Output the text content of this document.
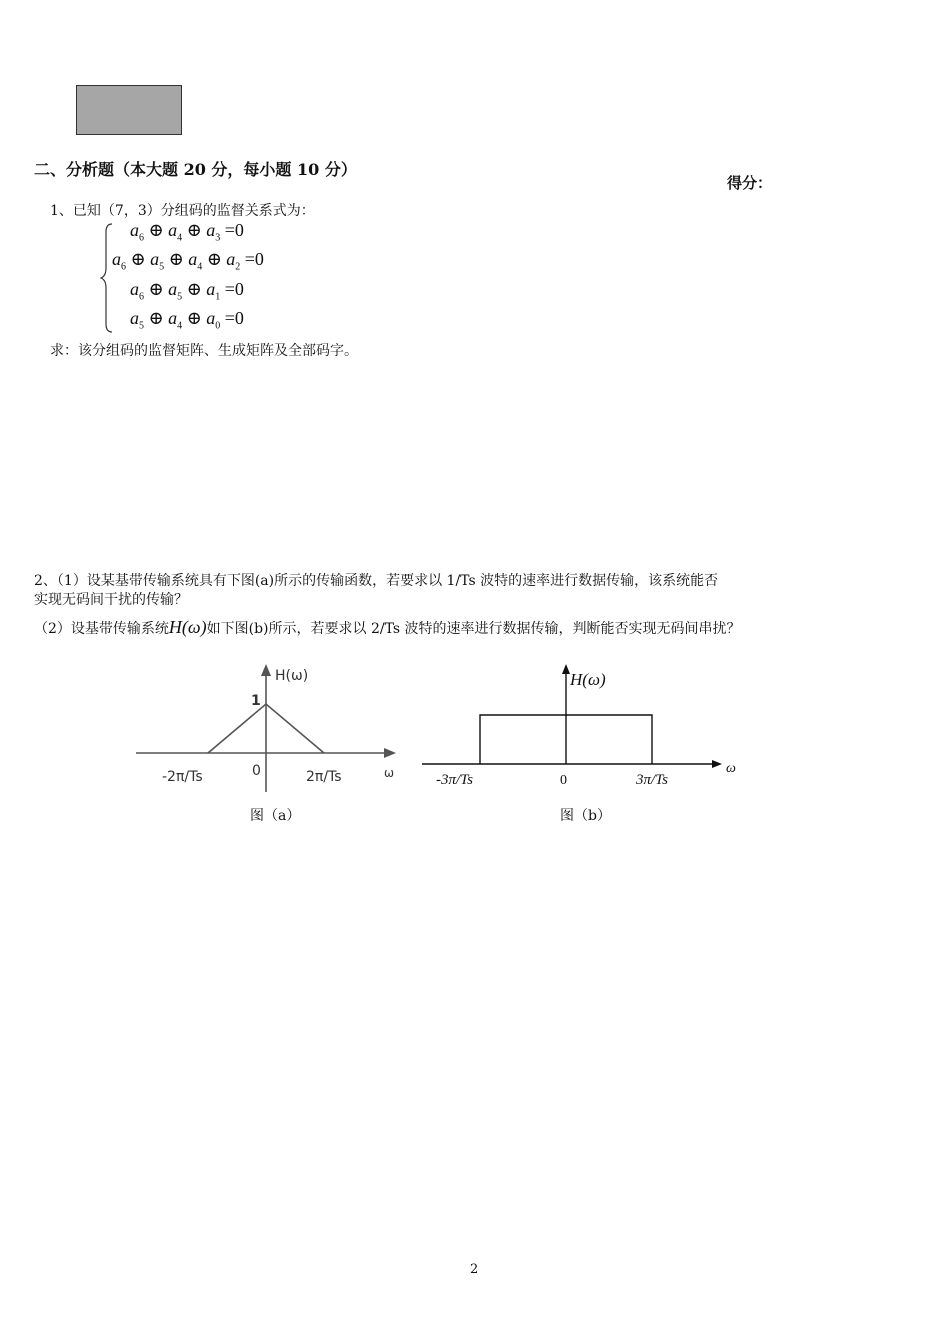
二、分析题（本大题 20 分，每小题 10 分）
得分：
1、已知（7，3）分组码的监督关系式为：
$a_6$ ⊕ $a_4$ ⊕ $a_3 =0$
$a_6$ ⊕ $a_5$ ⊕ $a_4$ ⊕ $a_2 =0$
$a_6$ ⊕ $a_5$ ⊕ $a_1 =0$
$a_5$ ⊕ $a_4$ ⊕ $a_0 =0$
求：该分组码的监督矩阵、生成矩阵及全部码字。
2、（1）设某基带传输系统具有下图(a)所示的传输函数，若要求以 1/Ts 波特的速率进行数据传输，该系统能否
实现无码间干扰的传输？
（2）设基带传输系统H(ω)如下图(b)所示，若要求以 2/Ts 波特的速率进行数据传输，判断能否实现无码间串扰？
H(ω)
1
-2π/Ts	0	2π/Ts	ω
图（a）
H(ω)
-3π/Ts	0	3π/Ts
ω
图（b）
2
